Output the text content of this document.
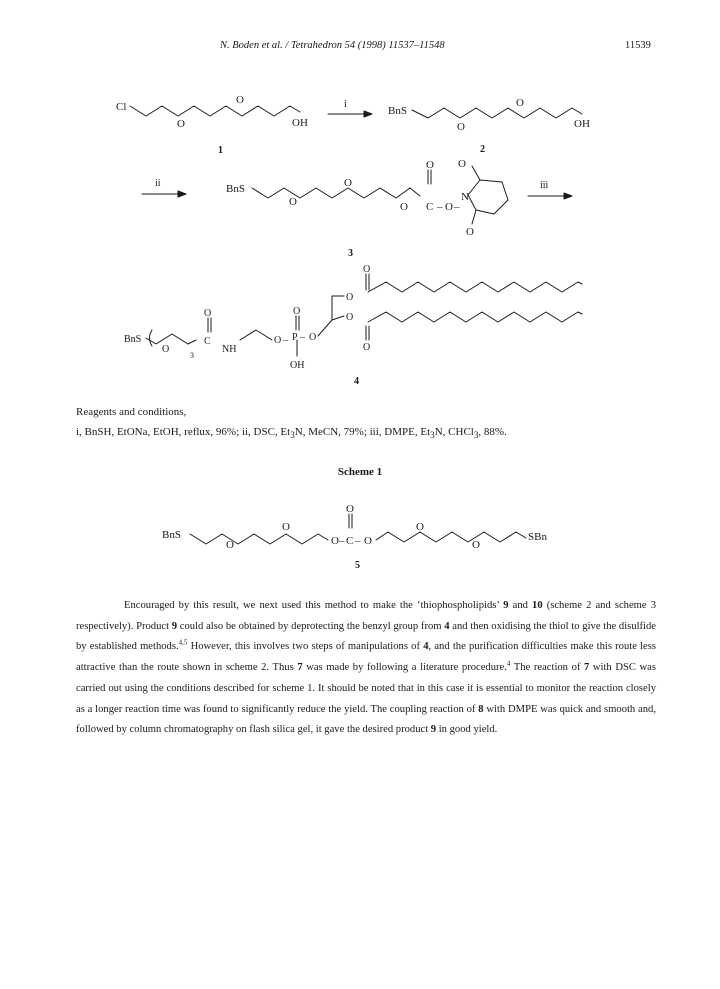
N. Boden et al. / Tetrahedron 54 (1998) 11537–11548	11539
Cl
O
O
OH
1
i
BnS
O
O
OH
2
ii	BnS
O
O
O
O
C – O –
N
O
O
iii
3
BnS
O
3
O
C
NH
O – P
O
– O
OH
O
O
O
O
4
BnS
O
O
O – C
O
– O
O
O
SBn
5
Reagents and conditions,
i, BnSH, EtONa, EtOH, reflux, 96%; ii, DSC, $Et_3N$, MeCN, 79%; iii, DMPE, $Et_3N$, CHCl$_3$, 88%.
Scheme 1
Encouraged by this result, we next used this method to make the ‘thiophospholipids’ 9 and 10 (scheme 2 and scheme 3 respectively). Product 9 could also be obtained by deprotecting the benzyl group from 4 and then oxidising the thiol to give the disulfide by established methods.$^{4,5}$ However, this involves two steps of manipulations of 4, and the purification difficulties make this route less attractive than the route shown in scheme 2. Thus 7 was made by following a literature procedure.$^4$ The reaction of 7 with DSC was carried out using the conditions described for scheme 1. It should be noted that in this case it is essential to monitor the reaction closely as a longer reaction time was found to significantly reduce the yield. The coupling reaction of 8 with DMPE was quick and smooth and, followed by column chromatography on flash silica gel, it gave the desired product 9 in good yield.
